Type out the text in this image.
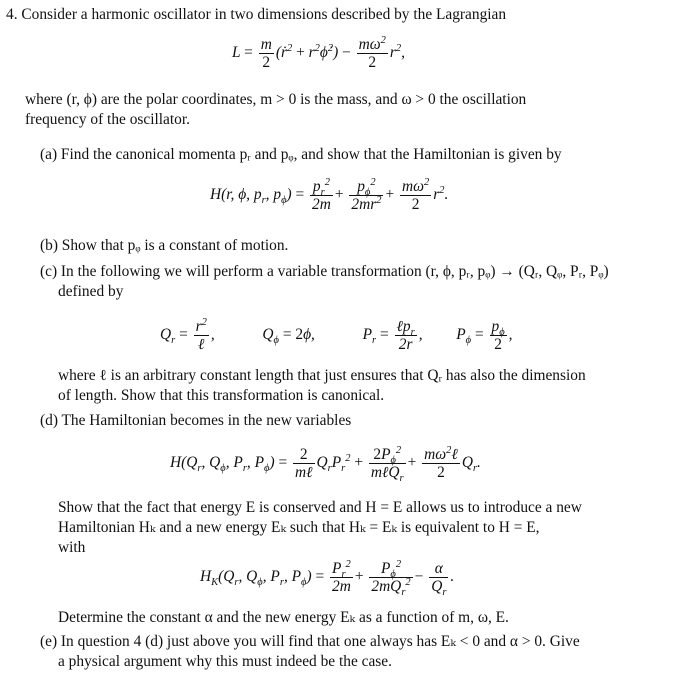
4. Consider a harmonic oscillator in two dimensions described by the Lagrangian
$L = \frac{m}{2}$ (ṙ$^2$ + $r^2\phi̇^2) - \frac{m\omega^2}{2} r^2$,
where (r, ϕ) are the polar coordinates, m > 0 is the mass, and ω > 0 the oscillation
frequency of the oscillator.
(a) Find the canonical momenta pᵣ and pᵩ, and show that the Hamiltonian is given by
H(r, ϕ, $p_r$, $p_\phi) = \frac{p_r^2}{2m} + \frac{p_\phi^2}{2mr^2} + \frac{m\omega^2}{2} r^2$.
(b) Show that pᵩ is a constant of motion.
(c) In the following we will perform a variable transformation (r, ϕ, pᵣ, pᵩ) → (Qᵣ, Qᵩ, Pᵣ, Pᵩ)
defined by
$Q_r = r^2$
ℓ
,	$Q_\phi = 2\phi$,	$P_r$ = ℓp$_r$
2r
,  $P_\phi = \frac{p_\phi}{2}$ ,
where ℓ is an arbitrary constant length that just ensures that Qᵣ has also the dimension
of length. Show that this transformation is canonical.
(d) The Hamiltonian becomes in the new variables
$H(Q_r$, $Q_\phi$, $P_r$, $P_\phi) = 2$
mℓ
$Q_rP_r^2 + 2P_\phi^2$
mℓQ$_r$
+ $m\omega^2\ell$
2
$Q_r$.
Show that the fact that energy E is conserved and H = E allows us to introduce a new
Hamiltonian Hₖ and a new energy Eₖ such that Hₖ = Eₖ is equivalent to H = E,
with
$H_K(Q_r$, $Q_\phi$, $P_r$, $P_\phi) = \frac{P_r^2}{2m}$ +	$P_\phi^2$
$2mQ_r^2 - \frac{\alpha}{Q_r}$ .
Determine the constant α and the new energy Eₖ as a function of m, ω, E.
(e) In question 4 (d) just above you will find that one always has Eₖ < 0 and α > 0. Give
a physical argument why this must indeed be the case.
